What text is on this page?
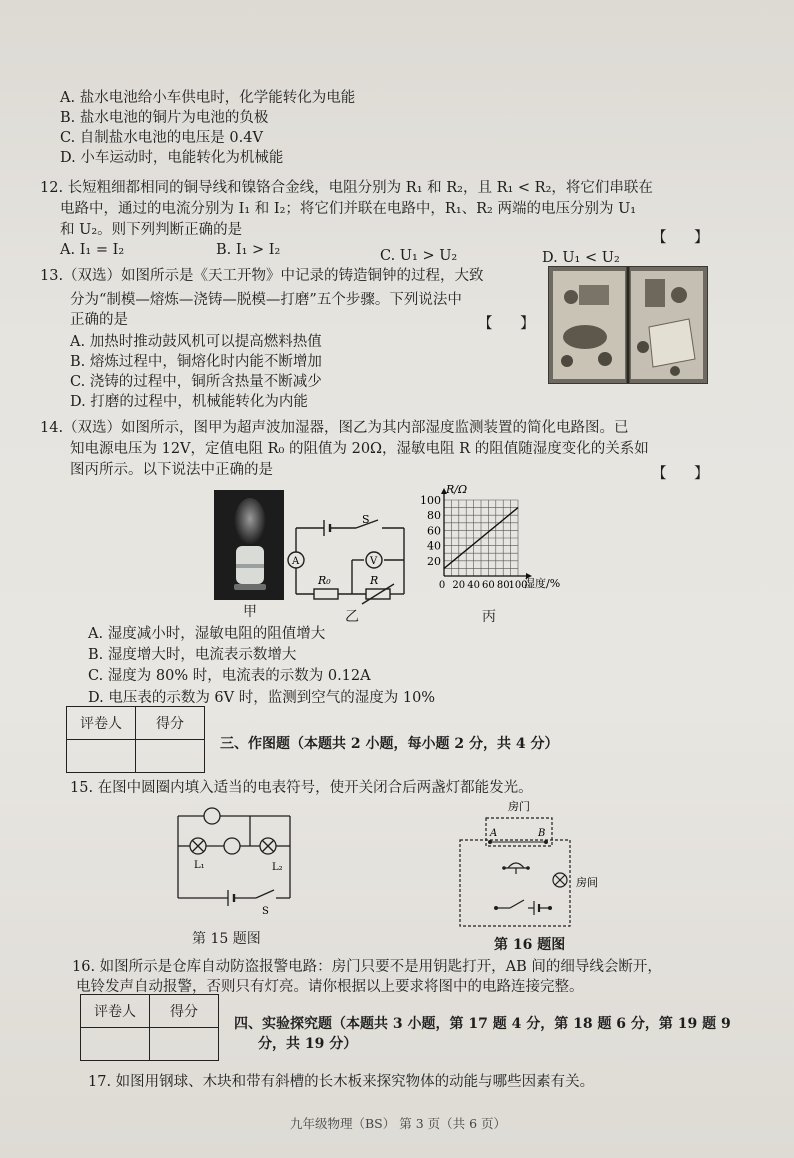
A. 盐水电池给小车供电时，化学能转化为电能
B. 盐水电池的铜片为电池的负极
C. 自制盐水电池的电压是 0.4V
D. 小车运动时，电能转化为机械能
12. 长短粗细都相同的铜导线和镍铬合金线，电阻分别为 R₁ 和 R₂，且 R₁ < R₂，将它们串联在
电路中，通过的电流分别为 I₁ 和 I₂；将它们并联在电路中，R₁、R₂ 两端的电压分别为 U₁
和 U₂。则下列判断正确的是	【      】
A. I₁ = I₂	B. I₁ > I₂	C. U₁ > U₂	D. U₁ < U₂
13.（双选）如图所示是《天工开物》中记录的铸造铜钟的过程，大致
分为“制模—熔炼—浇铸—脱模—打磨”五个步骤。下列说法中
正确的是	【      】
A. 加热时推动鼓风机可以提高燃料热值
B. 熔炼过程中，铜熔化时内能不断增加
C. 浇铸的过程中，铜所含热量不断减少
D. 打磨的过程中，机械能转化为内能
14.（双选）如图所示，图甲为超声波加湿器，图乙为其内部湿度监测装置的简化电路图。已
知电源电压为 12V，定值电阻 R₀ 的阻值为 20Ω，湿敏电阻 R 的阻值随湿度变化的关系如
图丙所示。以下说法中正确的是	【      】
甲
A	V
S
R₀	R
乙
20
40
60
80
100
0 20 40 60 80
100
R/Ω
湿度/%
丙
A. 湿度减小时，湿敏电阻的阻值增大
B. 湿度增大时，电流表示数增大
C. 湿度为 80% 时，电流表的示数为 0.12A
D. 电压表的示数为 6V 时，监测到空气的湿度为 10%
评卷人	得分

三、作图题（本题共 2 小题，每小题 2 分，共 4 分）
15. 在图中圆圈内填入适当的电表符号，使开关闭合后两盏灯都能发光。
L₁	L₂
S
第 15 题图
房门
A	B
房间
第 16 题图
16. 如图所示是仓库自动防盗报警电路：房门只要不是用钥匙打开，AB 间的细导线会断开，
电铃发声自动报警，否则只有灯亮。请你根据以上要求将图中的电路连接完整。
评卷人	得分

四、实验探究题（本题共 3 小题，第 17 题 4 分，第 18 题 6 分，第 19 题 9
分，共 19 分）
17. 如图用钢球、木块和带有斜槽的长木板来探究物体的动能与哪些因素有关。
九年级物理（BS） 第 3 页（共 6 页）
